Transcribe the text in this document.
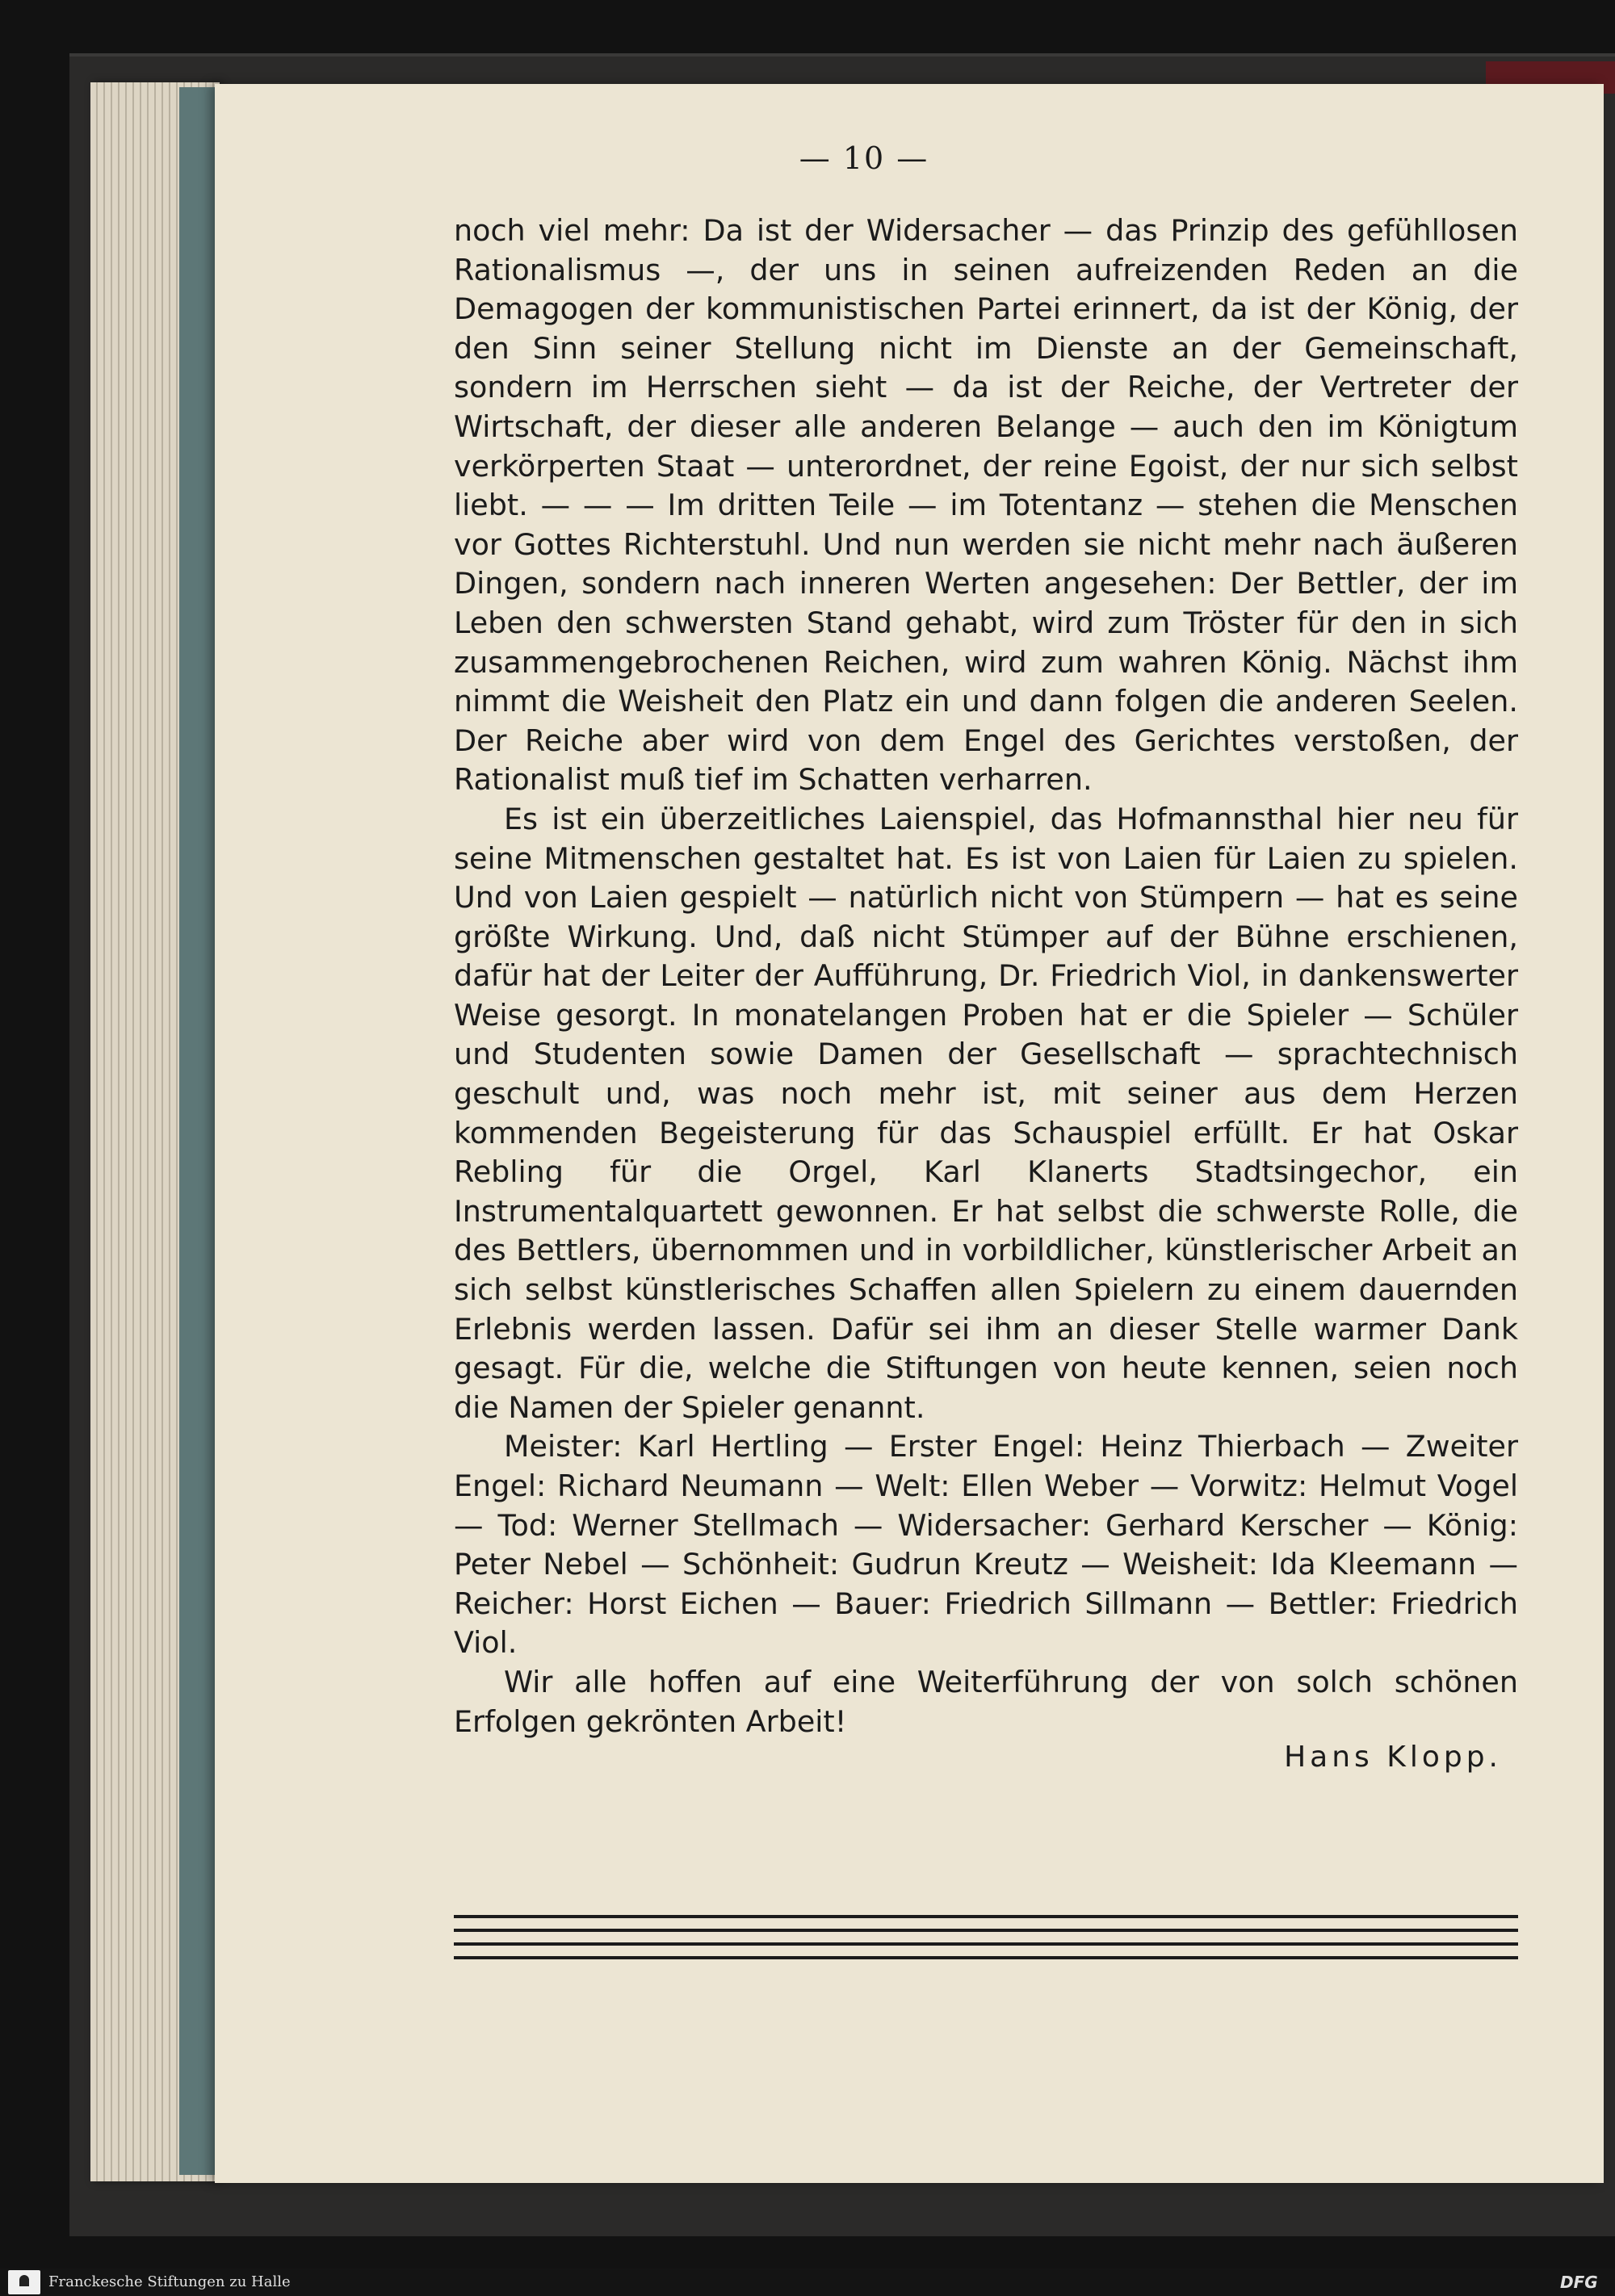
— 10 —

noch viel mehr: Da ist der Widersacher — das Prinzip des gefühllosen Rationalismus —, der uns in seinen aufreizenden Reden an die Demagogen der kommunistischen Partei erinnert, da ist der König, der den Sinn seiner Stellung nicht im Dienste an der Gemeinschaft, sondern im Herrschen sieht — da ist der Reiche, der Vertreter der Wirtschaft, der dieser alle anderen Belange — auch den im Königtum verkörperten Staat — unterordnet, der reine Egoist, der nur sich selbst liebt. — — — Im dritten Teile — im Totentanz — stehen die Menschen vor Gottes Richterstuhl. Und nun werden sie nicht mehr nach äußeren Dingen, sondern nach inneren Werten angesehen: Der Bettler, der im Leben den schwersten Stand gehabt, wird zum Tröster für den in sich zusammengebrochenen Reichen, wird zum wahren König. Nächst ihm nimmt die Weisheit den Platz ein und dann folgen die anderen Seelen. Der Reiche aber wird von dem Engel des Gerichtes verstoßen, der Rationalist muß tief im Schatten verharren.

Es ist ein überzeitliches Laienspiel, das Hofmannsthal hier neu für seine Mitmenschen gestaltet hat. Es ist von Laien für Laien zu spielen. Und von Laien gespielt — natürlich nicht von Stümpern — hat es seine größte Wirkung. Und, daß nicht Stümper auf der Bühne erschienen, dafür hat der Leiter der Aufführung, Dr. Friedrich Viol, in dankenswerter Weise gesorgt. In monatelangen Proben hat er die Spieler — Schüler und Studenten sowie Damen der Gesellschaft — sprachtechnisch geschult und, was noch mehr ist, mit seiner aus dem Herzen kommenden Begeisterung für das Schauspiel erfüllt. Er hat Oskar Rebling für die Orgel, Karl Klanerts Stadtsingechor, ein Instrumentalquartett gewonnen. Er hat selbst die schwerste Rolle, die des Bettlers, übernommen und in vorbildlicher, künstlerischer Arbeit an sich selbst künstlerisches Schaffen allen Spielern zu einem dauernden Erlebnis werden lassen. Dafür sei ihm an dieser Stelle warmer Dank gesagt. Für die, welche die Stiftungen von heute kennen, seien noch die Namen der Spieler genannt.

Meister: Karl Hertling — Erster Engel: Heinz Thierbach — Zweiter Engel: Richard Neumann — Welt: Ellen Weber — Vorwitz: Helmut Vogel — Tod: Werner Stellmach — Widersacher: Gerhard Kerscher — König: Peter Nebel — Schönheit: Gudrun Kreutz — Weisheit: Ida Kleemann — Reicher: Horst Eichen — Bauer: Friedrich Sillmann — Bettler: Friedrich Viol.

Wir alle hoffen auf eine Weiterführung der von solch schönen Erfolgen gekrönten Arbeit!

Hans Klopp.
Franckesche Stiftungen zu Halle	DFG
